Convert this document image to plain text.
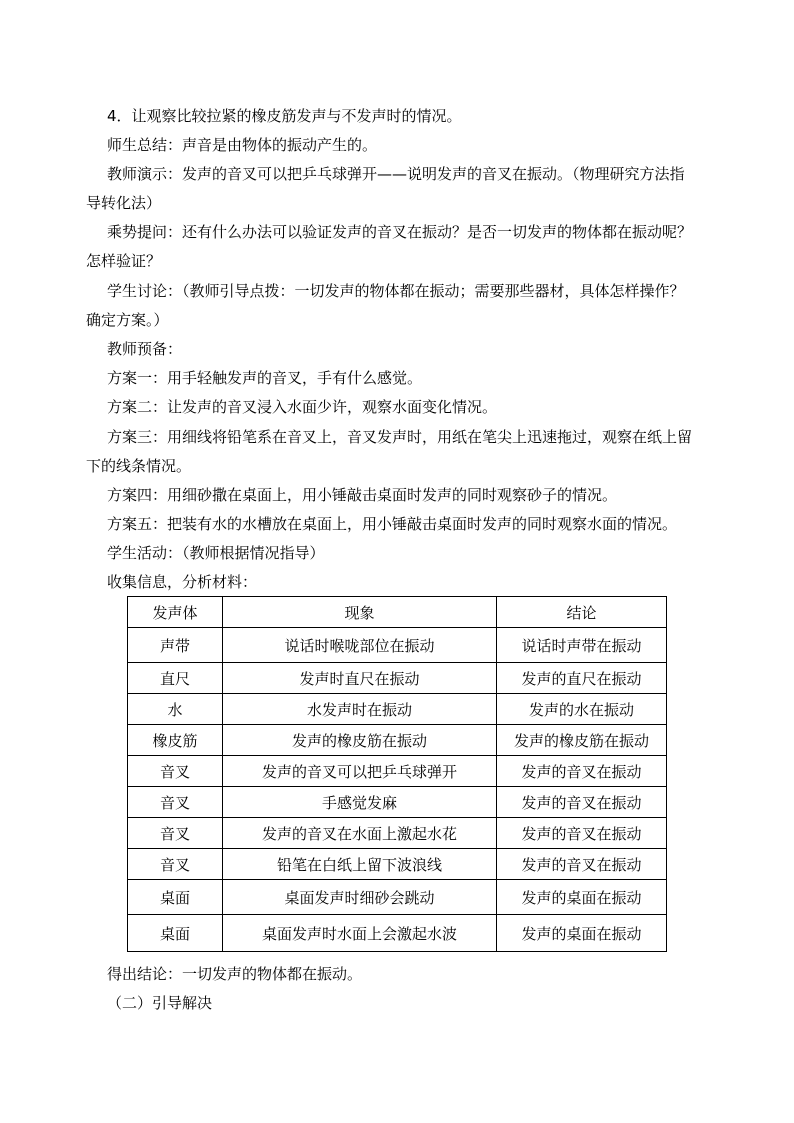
4．让观察比较拉紧的橡皮筋发声与不发声时的情况。
师生总结：声音是由物体的振动产生的。
教师演示：发声的音叉可以把乒乓球弹开——说明发声的音叉在振动。（物理研究方法指
导转化法）
乘势提问：还有什么办法可以验证发声的音叉在振动？是否一切发声的物体都在振动呢？
怎样验证？
学生讨论：（教师引导点拨：一切发声的物体都在振动；需要那些器材，具体怎样操作？
确定方案。）
教师预备：
方案一：用手轻触发声的音叉，手有什么感觉。
方案二：让发声的音叉浸入水面少许，观察水面变化情况。
方案三：用细线将铅笔系在音叉上，音叉发声时，用纸在笔尖上迅速拖过，观察在纸上留
下的线条情况。
方案四：用细砂撒在桌面上，用小锤敲击桌面时发声的同时观察砂子的情况。
方案五：把装有水的水槽放在桌面上，用小锤敲击桌面时发声的同时观察水面的情况。
学生活动：（教师根据情况指导）
收集信息，分析材料：
发声体	现象	结论
声带	说话时喉咙部位在振动	说话时声带在振动
直尺	发声时直尺在振动	发声的直尺在振动
水	水发声时在振动	发声的水在振动
橡皮筋	发声的橡皮筋在振动	发声的橡皮筋在振动
音叉	发声的音叉可以把乒乓球弹开	发声的音叉在振动
音叉	手感觉发麻	发声的音叉在振动
音叉	发声的音叉在水面上激起水花	发声的音叉在振动
音叉	铅笔在白纸上留下波浪线	发声的音叉在振动
桌面	桌面发声时细砂会跳动	发声的桌面在振动
桌面	桌面发声时水面上会激起水波	发声的桌面在振动
得出结论：一切发声的物体都在振动。
（二）引导解决
